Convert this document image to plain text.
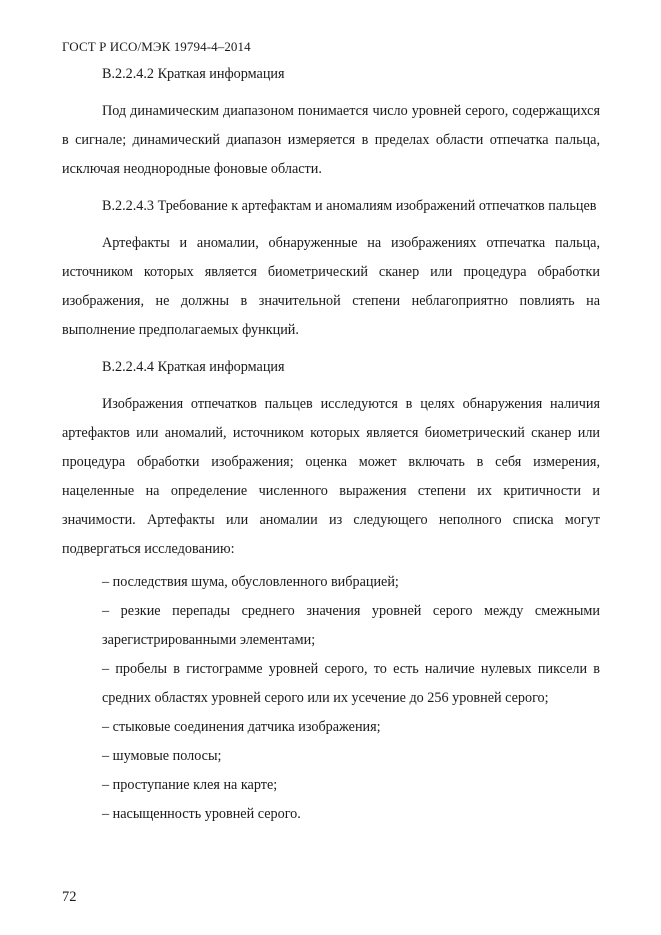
ГОСТ Р ИСО/МЭК 19794-4–2014

В.2.2.4.2 Краткая информация

Под динамическим диапазоном понимается число уровней серого, содержащихся в сигнале; динамический диапазон измеряется в пределах области отпечатка пальца, исключая неоднородные фоновые области.

В.2.2.4.3 Требование к артефактам и аномалиям изображений отпечатков пальцев

Артефакты и аномалии, обнаруженные на изображениях отпечатка пальца, источником которых является биометрический сканер или процедура обработки изображения, не должны в значительной степени неблагоприятно повлиять на выполнение предполагаемых функций.

В.2.2.4.4 Краткая информация

Изображения отпечатков пальцев исследуются в целях обнаружения наличия артефактов или аномалий, источником которых является биометрический сканер или процедура обработки изображения; оценка может включать в себя измерения, нацеленные на определение численного выражения степени их критичности и значимости. Артефакты или аномалии из следующего неполного списка могут подвергаться исследованию:

– последствия шума, обусловленного вибрацией;
– резкие перепады среднего значения уровней серого между смежными зарегистрированными элементами;
– пробелы в гистограмме уровней серого, то есть наличие нулевых пиксели в средних областях уровней серого или их усечение до 256 уровней серого;
– стыковые соединения датчика изображения;
– шумовые полосы;
– проступание клея на карте;
– насыщенность уровней серого.
72
